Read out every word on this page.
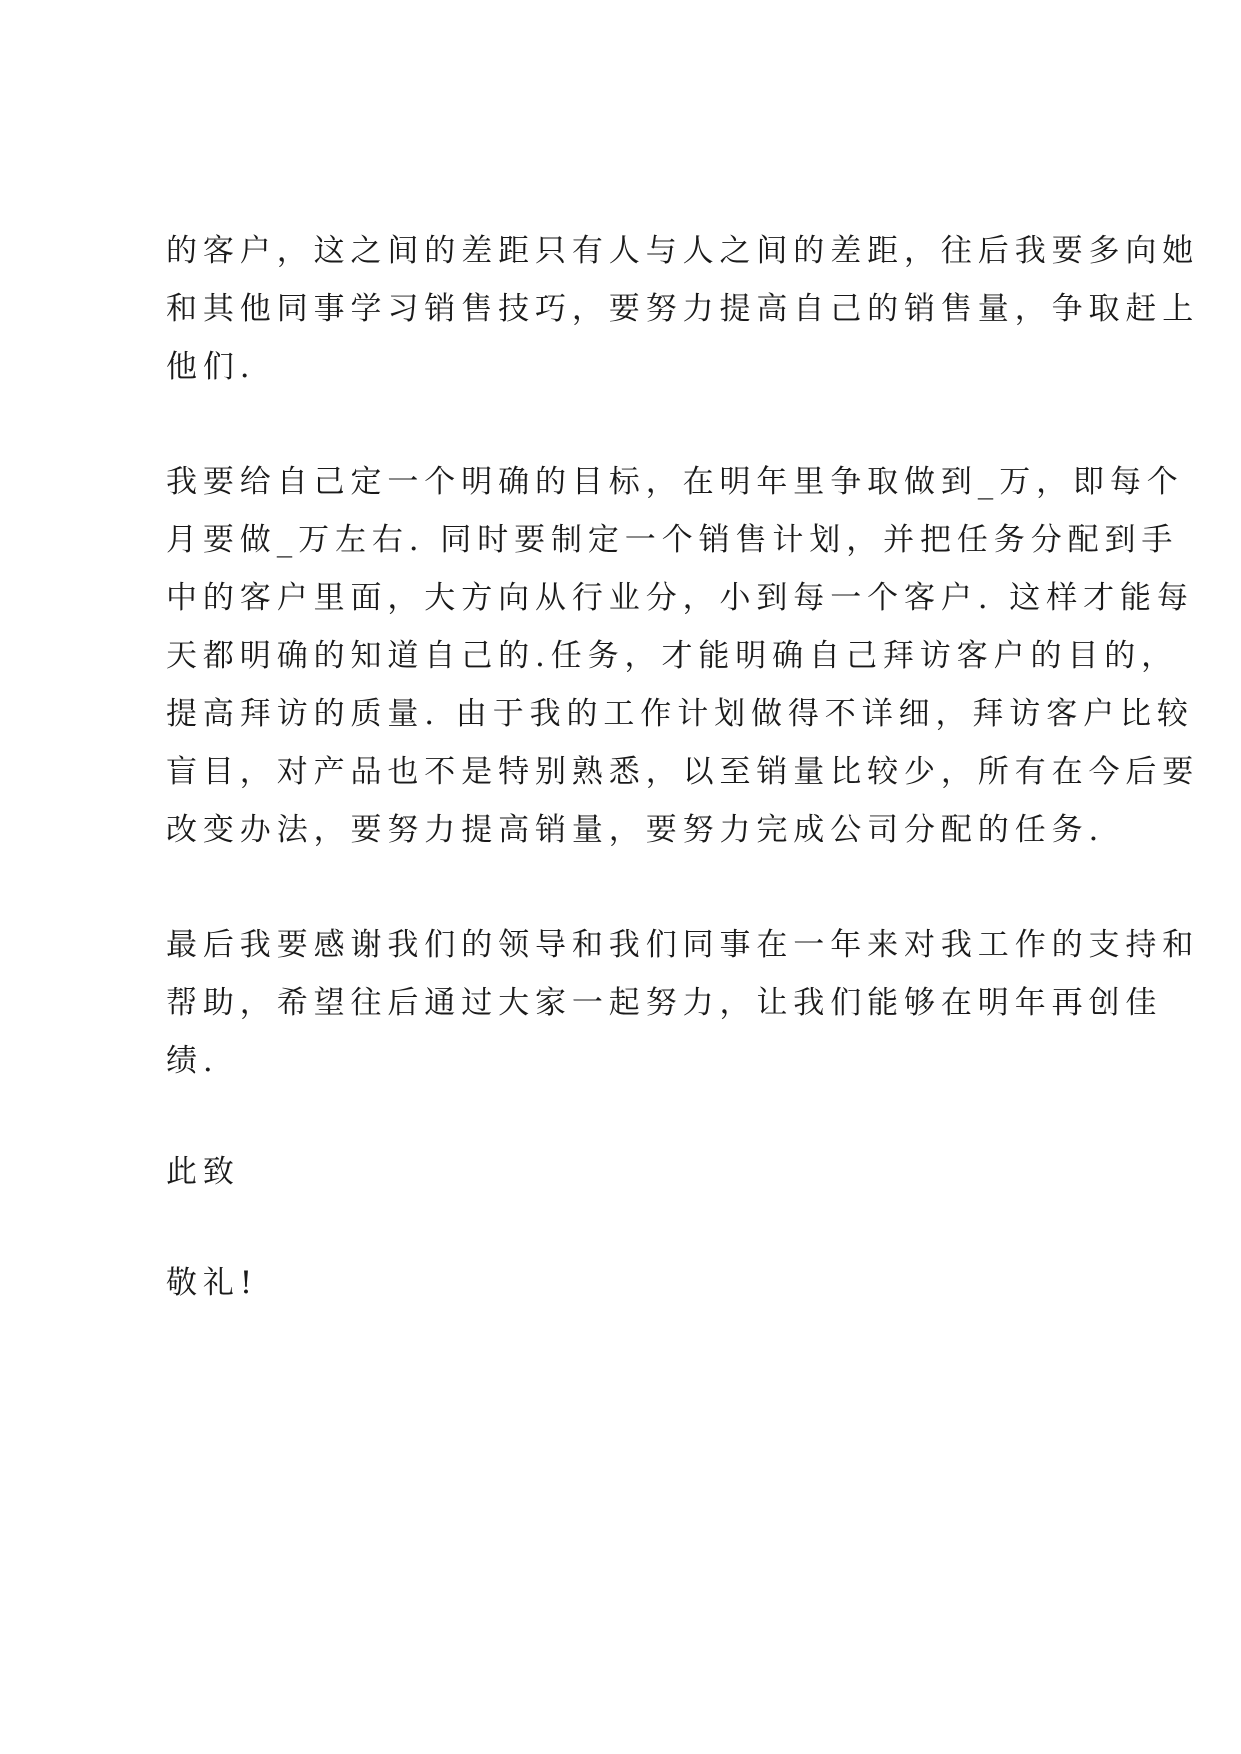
的客户，这之间的差距只有人与人之间的差距，往后我要多向她
和其他同事学习销售技巧，要努力提高自己的销售量，争取赶上
他们.

我要给自己定一个明确的目标，在明年里争取做到_万，即每个
月要做_万左右. 同时要制定一个销售计划，并把任务分配到手
中的客户里面，大方向从行业分，小到每一个客户. 这样才能每
天都明确的知道自己的.任务，才能明确自己拜访客户的目的，
提高拜访的质量. 由于我的工作计划做得不详细，拜访客户比较
盲目，对产品也不是特别熟悉，以至销量比较少，所有在今后要
改变办法，要努力提高销量，要努力完成公司分配的任务.

最后我要感谢我们的领导和我们同事在一年来对我工作的支持和
帮助，希望往后通过大家一起努力，让我们能够在明年再创佳
绩.

此致

敬礼!
